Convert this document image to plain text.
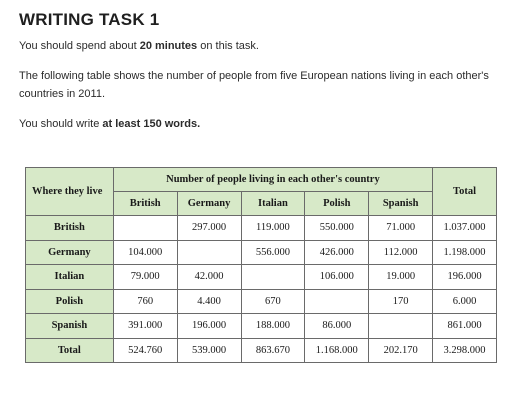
WRITING TASK 1

You should spend about 20 minutes on this task.

The following table shows the number of people from five European nations living in each other's countries in 2011.

You should write at least 150 words.

Where they live	Number of people living in each other's country					Total
	British	Germany	Italian	Polish	Spanish	
British		297.000	119.000	550.000	71.000	1.037.000
Germany	104.000		556.000	426.000	112.000	1.198.000
Italian	79.000	42.000		106.000	19.000	196.000
Polish	760	4.400	670		170	6.000
Spanish	391.000	196.000	188.000	86.000		861.000
Total	524.760	539.000	863.670	1.168.000	202.170	3.298.000
